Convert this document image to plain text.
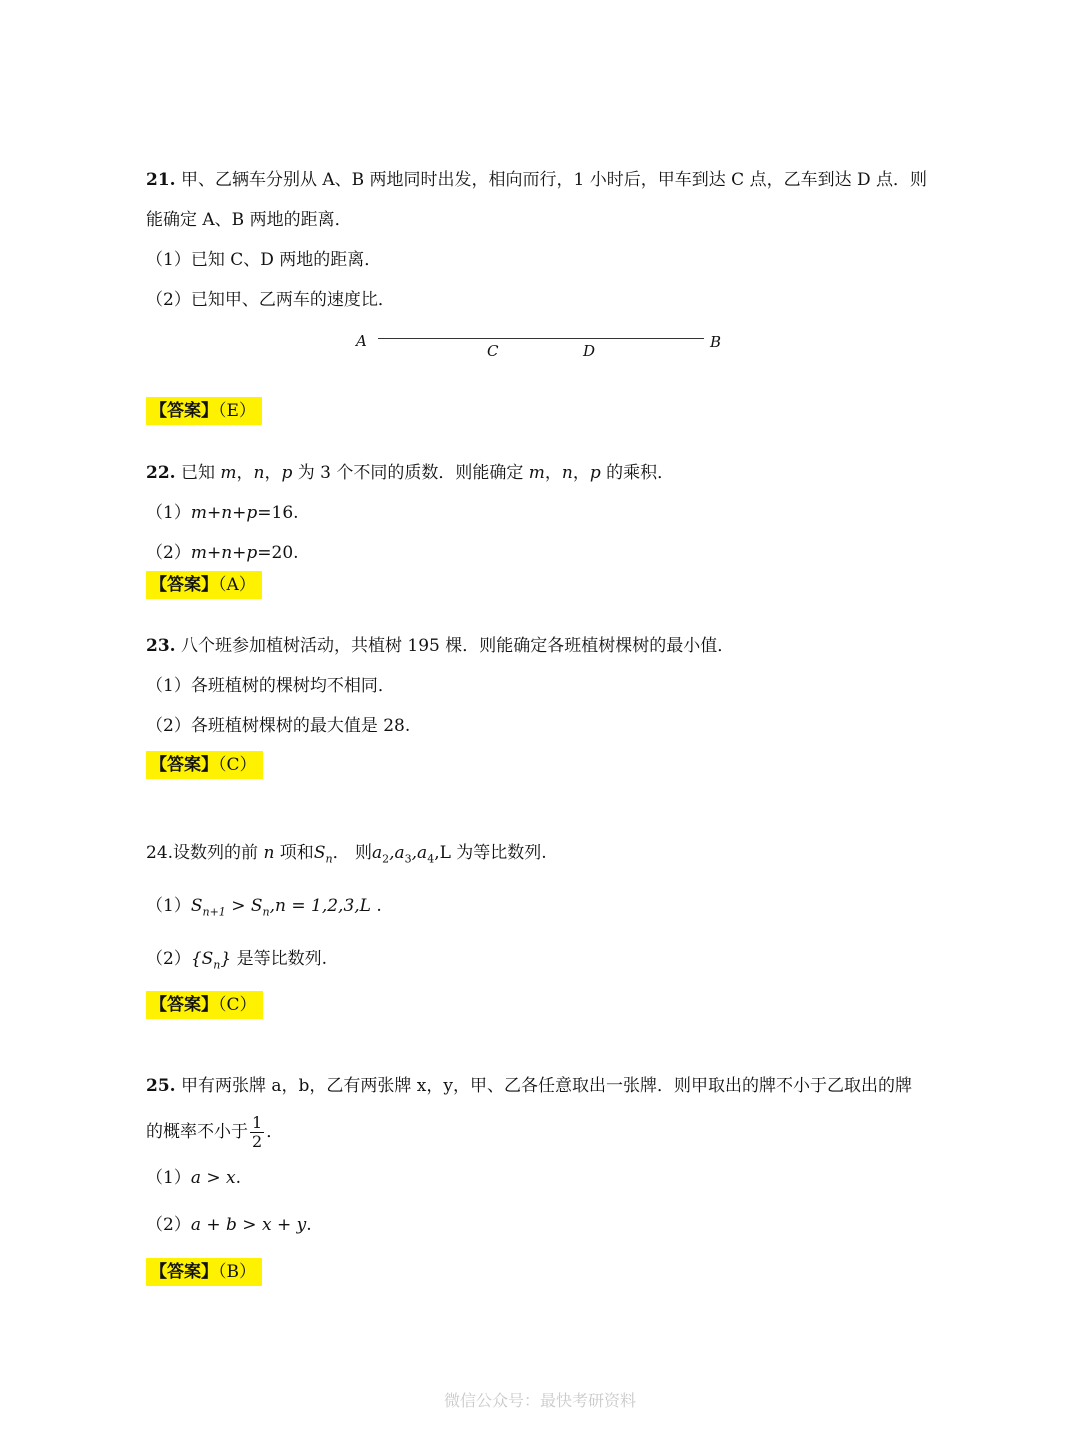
21. 甲、乙辆车分别从 A、B 两地同时出发，相向而行，1 小时后，甲车到达 C 点，乙车到达 D 点．则
能确定 A、B 两地的距离．
（1）已知 C、D 两地的距离．
（2）已知甲、乙两车的速度比．
A
C	D	B
【答案】（E）
22. 已知 m，n，p 为 3 个不同的质数．则能确定 m，n，p 的乘积．
（1）m+n+p=16.
（2）m+n+p=20.
【答案】（A）
23. 八个班参加植树活动，共植树 195 棵．则能确定各班植树棵树的最小值．
（1）各班植树的棵树均不相同．
（2）各班植树棵树的最大值是 28.
【答案】（C）
24.设数列的前 n 项和$S_n$． 则$a_2,a_3,a_4,L$ 为等比数列.
$(1)S_{n+1} > S_n,n = 1,2,3,L$ .
$(2)\{S_n\}$ 是等比数列.
【答案】（C）
25. 甲有两张牌 a，b，乙有两张牌 x，y，甲、乙各任意取出一张牌．则甲取出的牌不小于乙取出的牌
的概率不小于 $\frac{1}{2}$ ．
（1）a > x.
（2）a + b > x + y.
【答案】（B）
微信公众号：最快考研资料
